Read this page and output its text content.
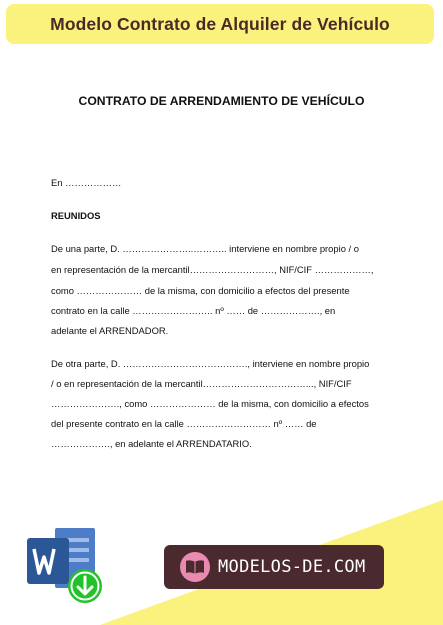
Modelo Contrato de Alquiler de Vehículo
CONTRATO DE ARRENDAMIENTO DE VEHÍCULO
En ………………
REUNIDOS
De una parte, D. …………………..……….. interviene en nombre propio / o
en representación de la mercantil………………………, NIF/CIF ………………,
como ………………… de la misma, con domicilio a efectos del presente
contrato en la calle …………………….. nº …… de ………………., en
adelante el ARRENDADOR.
De otra parte, D. …………………………………., interviene en nombre propio
/ o en representación de la mercantil……………………………..., NIF/CIF
…………………., como ………………… de la misma, con domicilio a efectos
del presente contrato en la calle ……………………… nº …… de
………………., en adelante el ARRENDATARIO.
MODELOS-DE.COM
